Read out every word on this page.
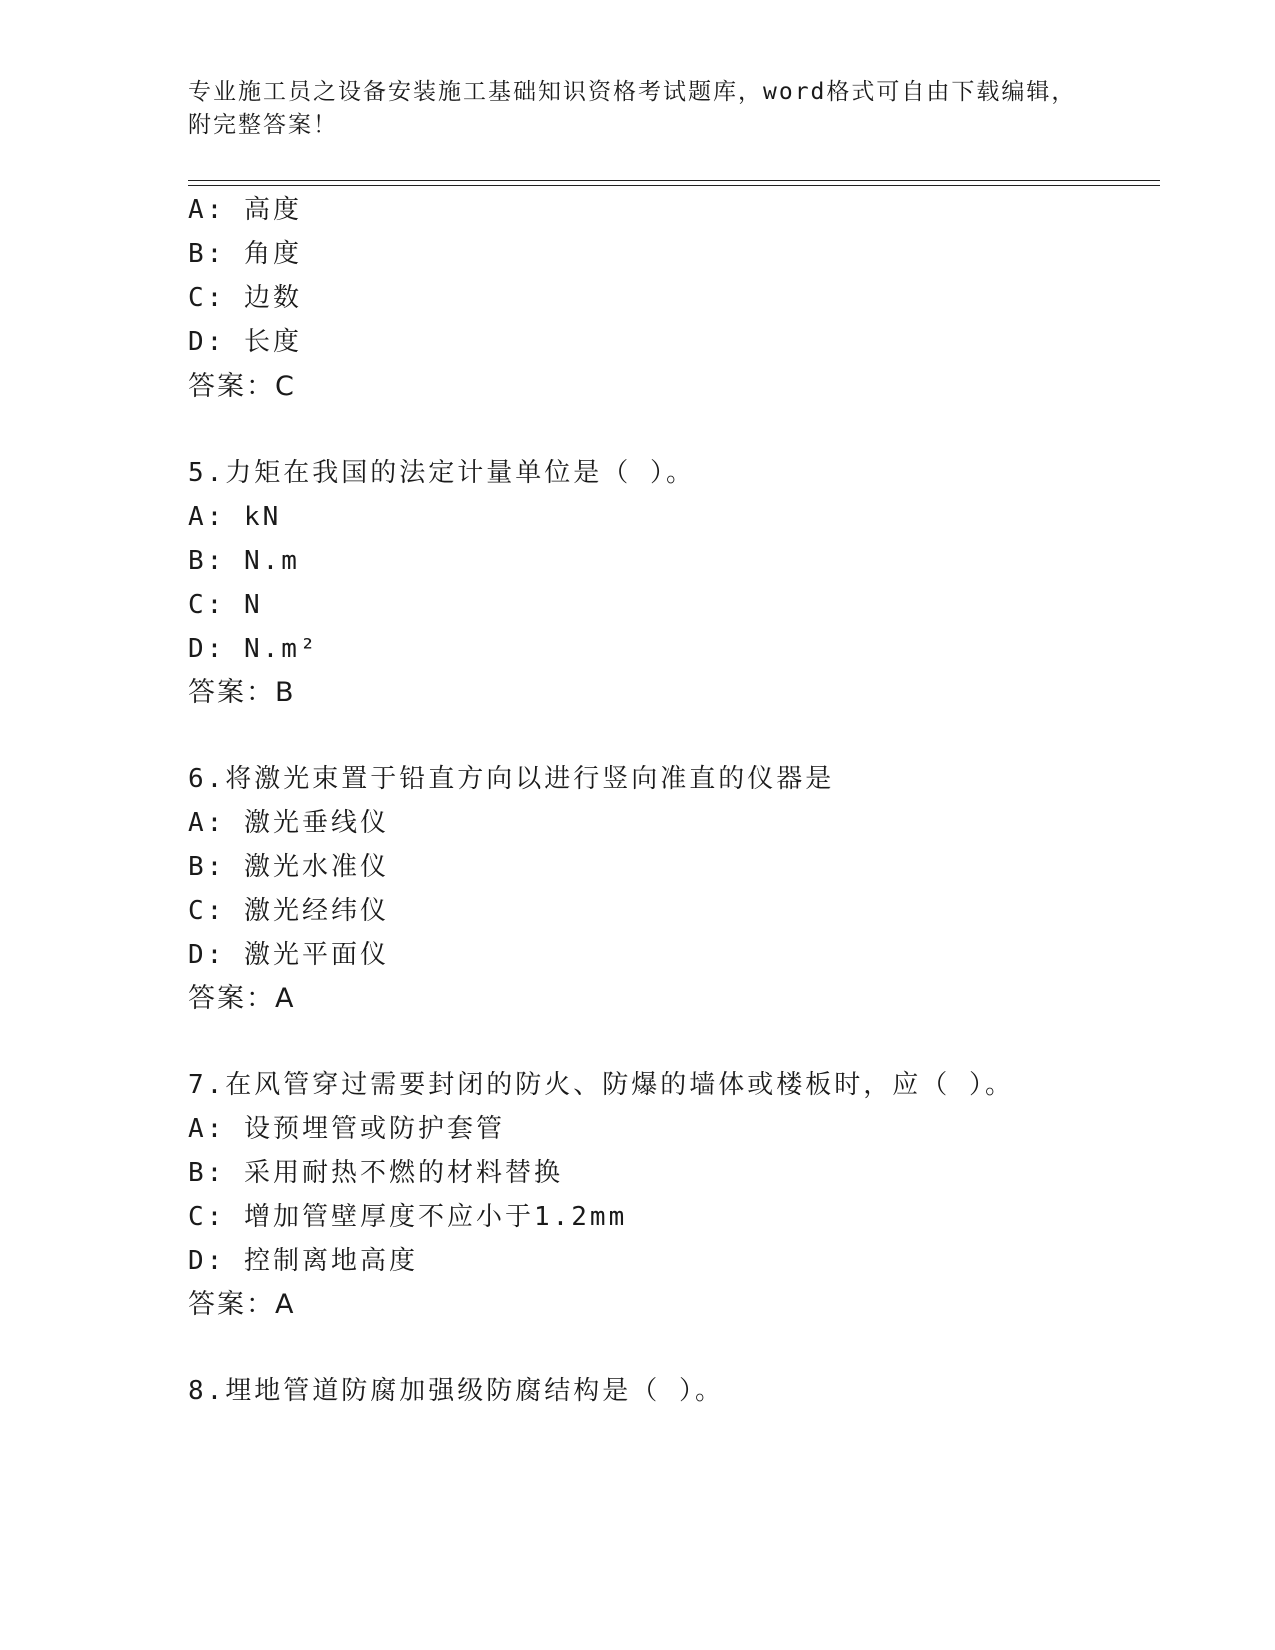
专业施工员之设备安装施工基础知识资格考试题库，word格式可自由下载编辑，
附完整答案！
A: 高度
B: 角度
C: 边数
D: 长度
答案：C
5.力矩在我国的法定计量单位是（ ）。
A: kN
B: N.m
C: N
D: N.m²
答案：B
6.将激光束置于铅直方向以进行竖向准直的仪器是
A: 激光垂线仪
B: 激光水准仪
C: 激光经纬仪
D: 激光平面仪
答案：A
7.在风管穿过需要封闭的防火、防爆的墙体或楼板时，应（ ）。
A: 设预埋管或防护套管
B: 采用耐热不燃的材料替换
C: 增加管壁厚度不应小于1.2mm
D: 控制离地高度
答案：A
8.埋地管道防腐加强级防腐结构是（ ）。
